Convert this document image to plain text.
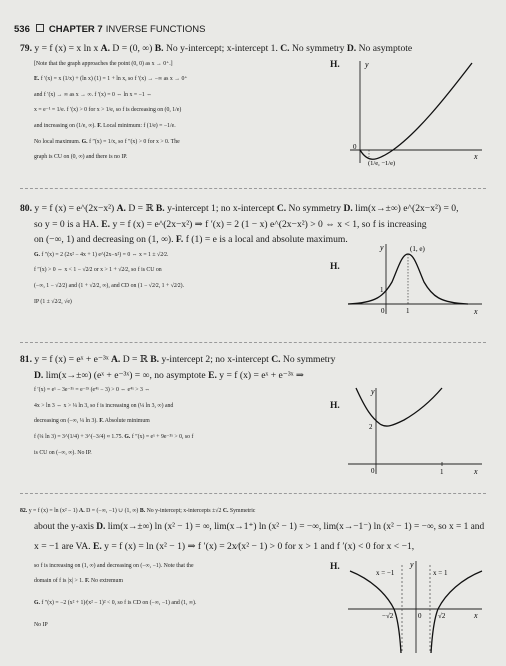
536 CHAPTER 7 INVERSE FUNCTIONS

79. y = f (x) = x ln x A. D = (0, ∞) B. No y-intercept; x-intercept 1. C. No symmetry D. No asymptote

[Note that the graph approaches the point (0, 0) as x → 0⁺.]

E. f ′(x) = x (1/x) + (ln x) (1) = 1 + ln x, so f ′(x) → −∞ as x → 0⁺

and f ′(x) → ∞ as x → ∞. f ′(x) = 0 ⇔ ln x = −1 ⇔

x = e⁻¹ = 1/e. f ′(x) > 0 for x > 1/e, so f is decreasing on (0, 1/e)

and increasing on (1/e, ∞). F. Local minimum: f (1/e) = −1/e.

No local maximum. G. f ″(x) = 1/x, so f ″(x) > 0 for x > 0. The

graph is CU on (0, ∞) and there is no IP.

H.	y
x
0
(1/e, −1/e)

80. y = f (x) = e^(2x−x²) A. D = ℝ B. y-intercept 1; no x-intercept C. No symmetry D. lim(x→±∞) e^(2x−x²) = 0,

so y = 0 is a HA. E. y = f (x) = e^(2x−x²) ⇒ f ′(x) = 2 (1 − x) e^(2x−x²) > 0 ⇔ x < 1, so f is increasing

on (−∞, 1) and decreasing on (1, ∞). F. f (1) = e is a local and absolute maximum.

G. f ″(x) = 2 (2x² − 4x + 1) e^(2x−x²) = 0 ⇔ x = 1 ± √2⁄2.

f ″(x) > 0 ⇔ x < 1 − √2⁄2 or x > 1 + √2⁄2, so f is CU on

(−∞, 1 − √2⁄2) and (1 + √2⁄2, ∞), and CD on (1 − √2⁄2, 1 + √2⁄2).

IP (1 ± √2⁄2, √e)

H.
y
x
0
(1, e)
1
1

81. y = f (x) = eˣ + e⁻³ˣ A. D = ℝ B. y-intercept 2; no x-intercept C. No symmetry

D. lim(x→±∞) (eˣ + e⁻³ˣ) = ∞, no asymptote E. y = f (x) = eˣ + e⁻³ˣ ⇒

f ′(x) = eˣ − 3e⁻³ˣ = e⁻³ˣ (e⁴ˣ − 3) > 0 ⇔ e⁴ˣ > 3 ⇔

4x > ln 3 ⇔ x > ¼ ln 3, so f is increasing on (¼ ln 3, ∞) and

decreasing on (−∞, ¼ ln 3). F. Absolute minimum

f (¼ ln 3) = 3^(1/4) + 3^(−3/4) ≈ 1.75. G. f ″(x) = eˣ + 9e⁻³ˣ > 0, so f

is CU on (−∞, ∞). No IP.

H.
y
x
0
2
1

82. y = f (x) = ln (x² − 1) A. D = (−∞, −1) ∪ (1, ∞) B. No y-intercept; x-intercepts ±√2 C. Symmetric

about the y-axis D. lim(x→±∞) ln (x² − 1) = ∞, lim(x→1⁺) ln (x² − 1) = −∞, lim(x→−1⁻) ln (x² − 1) = −∞, so x = 1 and

x = −1 are VA. E. y = f (x) = ln (x² − 1) ⇒ f ′(x) = 2x⁄(x² − 1) > 0 for x > 1 and f ′(x) < 0 for x < −1,

so f is increasing on (1, ∞) and decreasing on (−∞, −1). Note that the

domain of f is |x| > 1. F. No extremum

G. f ″(x) = −2 (x² + 1)⁄(x² − 1)² < 0, so f is CD on (−∞, −1) and (1, ∞).

No IP

H.	y
x
0
x = −1	x = 1
−√2	√2
